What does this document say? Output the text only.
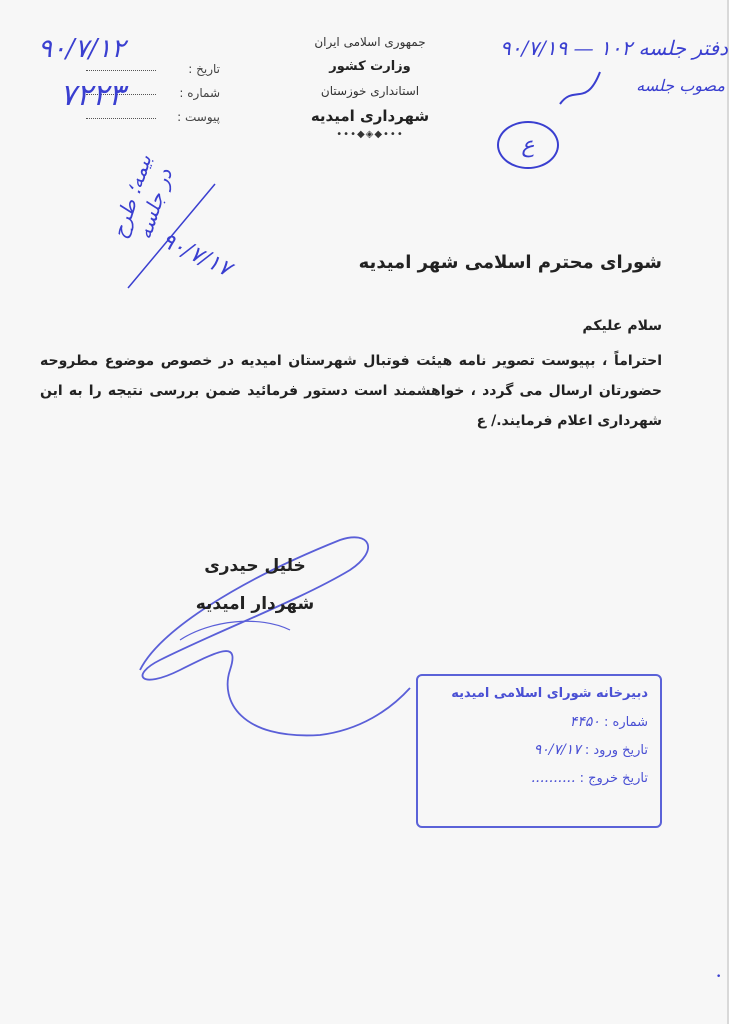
جمهوری اسلامی ایران
وزارت کشور
استانداری خوزستان
شهرداری امیدیه
•••◆◈◆•••
تاریخ :
شماره :
پیوست :
۹۰/۷/۱۲
۷۲۲۳
دفتر جلسه ۱۰۲ — ۹۰/۷/۱۹
مصوب جلسه
ع
بیمه؛ طرح در جلسه
۹۰/۷/۱۷	شورای محترم اسلامی شهر امیدیه
سلام علیکم
احتراماً ، بپیوست تصویر نامه هیئت فوتبال شهرستان امیدیه در خصوص موضوع مطروحه حضورتان ارسال می گردد ، خواهشمند است دستور فرمائید ضمن بررسی نتیجه را به این شهرداری اعلام فرمایند./ ع
خلیل حیدری
شهردار امیدیه
دبیرخانه شورای اسلامی امیدیه
شماره : ۴۴۵۰
تاریخ ورود : ۹۰/۷/۱۷
تاریخ خروج : ..........
•
